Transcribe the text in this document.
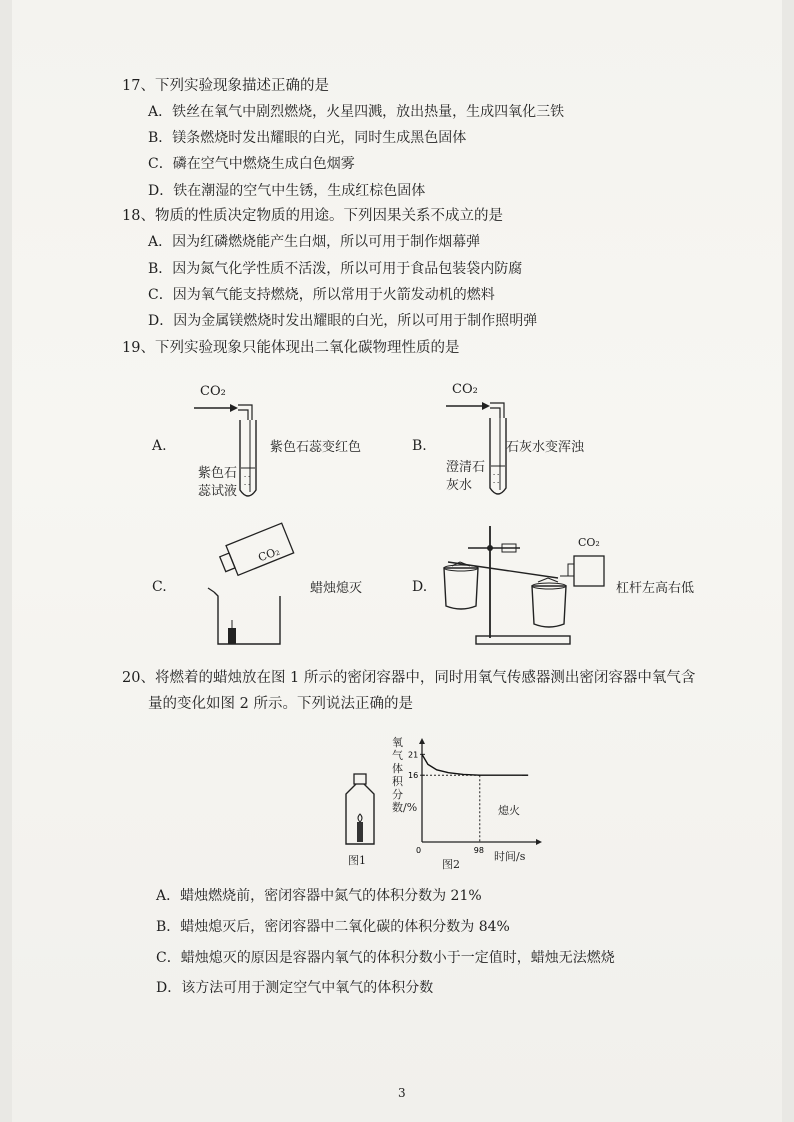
17、下列实验现象描述正确的是
A．铁丝在氧气中剧烈燃烧，火星四溅，放出热量，生成四氧化三铁
B．镁条燃烧时发出耀眼的白光，同时生成黑色固体
C．磷在空气中燃烧生成白色烟雾
D．铁在潮湿的空气中生锈，生成红棕色固体
18、物质的性质决定物质的用途。下列因果关系不成立的是
A．因为红磷燃烧能产生白烟，所以可用于制作烟幕弹
B．因为氮气化学性质不活泼，所以可用于食品包装袋内防腐
C．因为氧气能支持燃烧，所以常用于火箭发动机的燃料
D．因为金属镁燃烧时发出耀眼的白光，所以可用于制作照明弹
19、下列实验现象只能体现出二氧化碳物理性质的是
A.
- -
- -
CO₂
紫色石蕊变红色
紫色石
蕊试液
B.
- -
- -
CO₂
石灰水变浑浊
澄清石
灰水
C.
CO₂
蜡烛熄灭	D.
CO₂
杠杆左高右低
20、将燃着的蜡烛放在图 1 所示的密闭容器中，同时用氧气传感器测出密闭容器中氧气含
量的变化如图 2 所示。下列说法正确的是
图1
氧气体积分数/%
0
16
21
98
图2
时间/s
熄火
A．蜡烛燃烧前，密闭容器中氮气的体积分数为 21%
B．蜡烛熄灭后，密闭容器中二氧化碳的体积分数为 84%
C．蜡烛熄灭的原因是容器内氧气的体积分数小于一定值时，蜡烛无法燃烧
D．该方法可用于测定空气中氧气的体积分数
3
